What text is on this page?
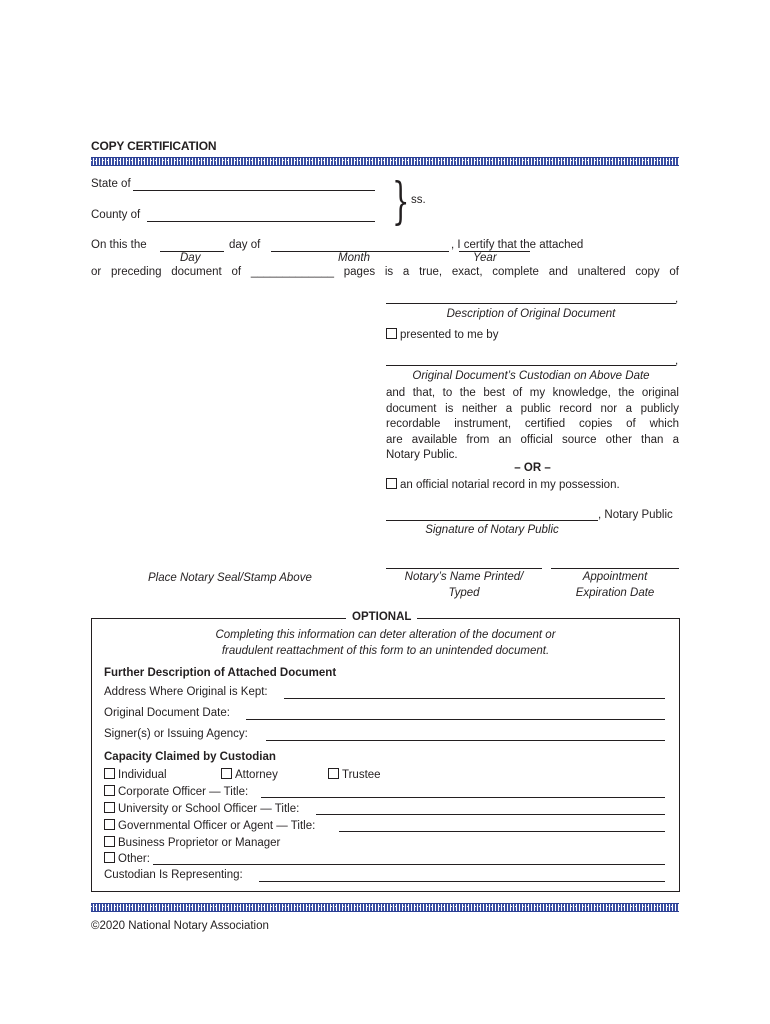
COPY CERTIFICATION
State of
County of	} ss.
On this the	day of	, I certify that the attached
Day	Month	Year
or preceding document of _____________ pages is a true, exact, complete and unaltered copy of
,
Description of Original Document
presented to me by
,
Original Document’s Custodian on Above Date
and that, to the best of my knowledge, the original
document is neither a public record nor a publicly
recordable instrument, certified copies of which
are available from an official source other than a
Notary Public.
– OR –
an official notarial record in my possession.
, Notary Public
Signature of Notary Public
Place Notary Seal/Stamp Above	Notary’s Name Printed/
Typed
Appointment
Expiration Date
OPTIONAL
Completing this information can deter alteration of the document or
fraudulent reattachment of this form to an unintended document.
Further Description of Attached Document
Address Where Original is Kept:
Original Document Date:
Signer(s) or Issuing Agency:
Capacity Claimed by Custodian
Individual	Attorney	Trustee
Corporate Officer — Title:
University or School Officer — Title:
Governmental Officer or Agent — Title:
Business Proprietor or Manager
Other:
Custodian Is Representing:
©2020 National Notary Association
